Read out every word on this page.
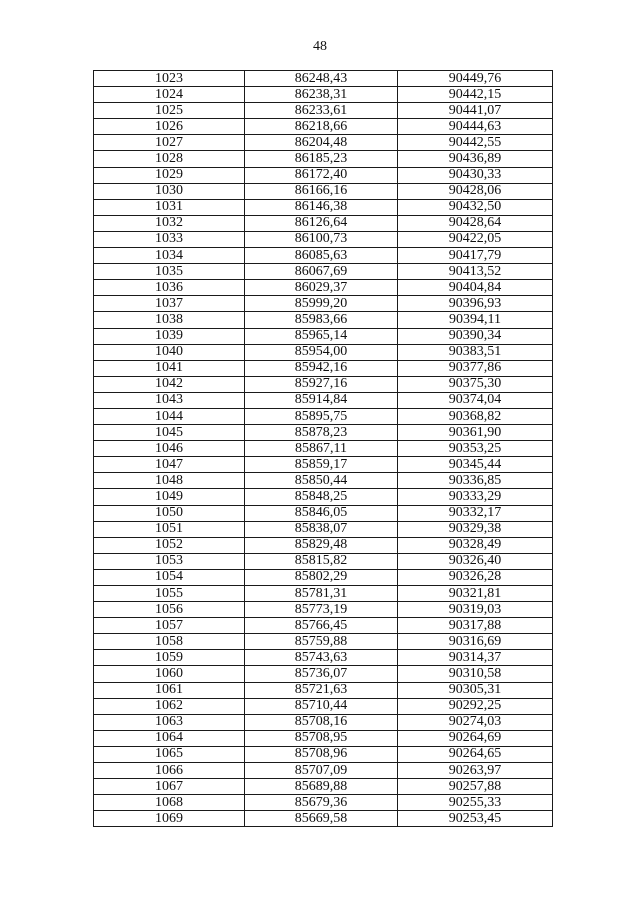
48
1023	86248,43	90449,76
1024	86238,31	90442,15
1025	86233,61	90441,07
1026	86218,66	90444,63
1027	86204,48	90442,55
1028	86185,23	90436,89
1029	86172,40	90430,33
1030	86166,16	90428,06
1031	86146,38	90432,50
1032	86126,64	90428,64
1033	86100,73	90422,05
1034	86085,63	90417,79
1035	86067,69	90413,52
1036	86029,37	90404,84
1037	85999,20	90396,93
1038	85983,66	90394,11
1039	85965,14	90390,34
1040	85954,00	90383,51
1041	85942,16	90377,86
1042	85927,16	90375,30
1043	85914,84	90374,04
1044	85895,75	90368,82
1045	85878,23	90361,90
1046	85867,11	90353,25
1047	85859,17	90345,44
1048	85850,44	90336,85
1049	85848,25	90333,29
1050	85846,05	90332,17
1051	85838,07	90329,38
1052	85829,48	90328,49
1053	85815,82	90326,40
1054	85802,29	90326,28
1055	85781,31	90321,81
1056	85773,19	90319,03
1057	85766,45	90317,88
1058	85759,88	90316,69
1059	85743,63	90314,37
1060	85736,07	90310,58
1061	85721,63	90305,31
1062	85710,44	90292,25
1063	85708,16	90274,03
1064	85708,95	90264,69
1065	85708,96	90264,65
1066	85707,09	90263,97
1067	85689,88	90257,88
1068	85679,36	90255,33
1069	85669,58	90253,45
